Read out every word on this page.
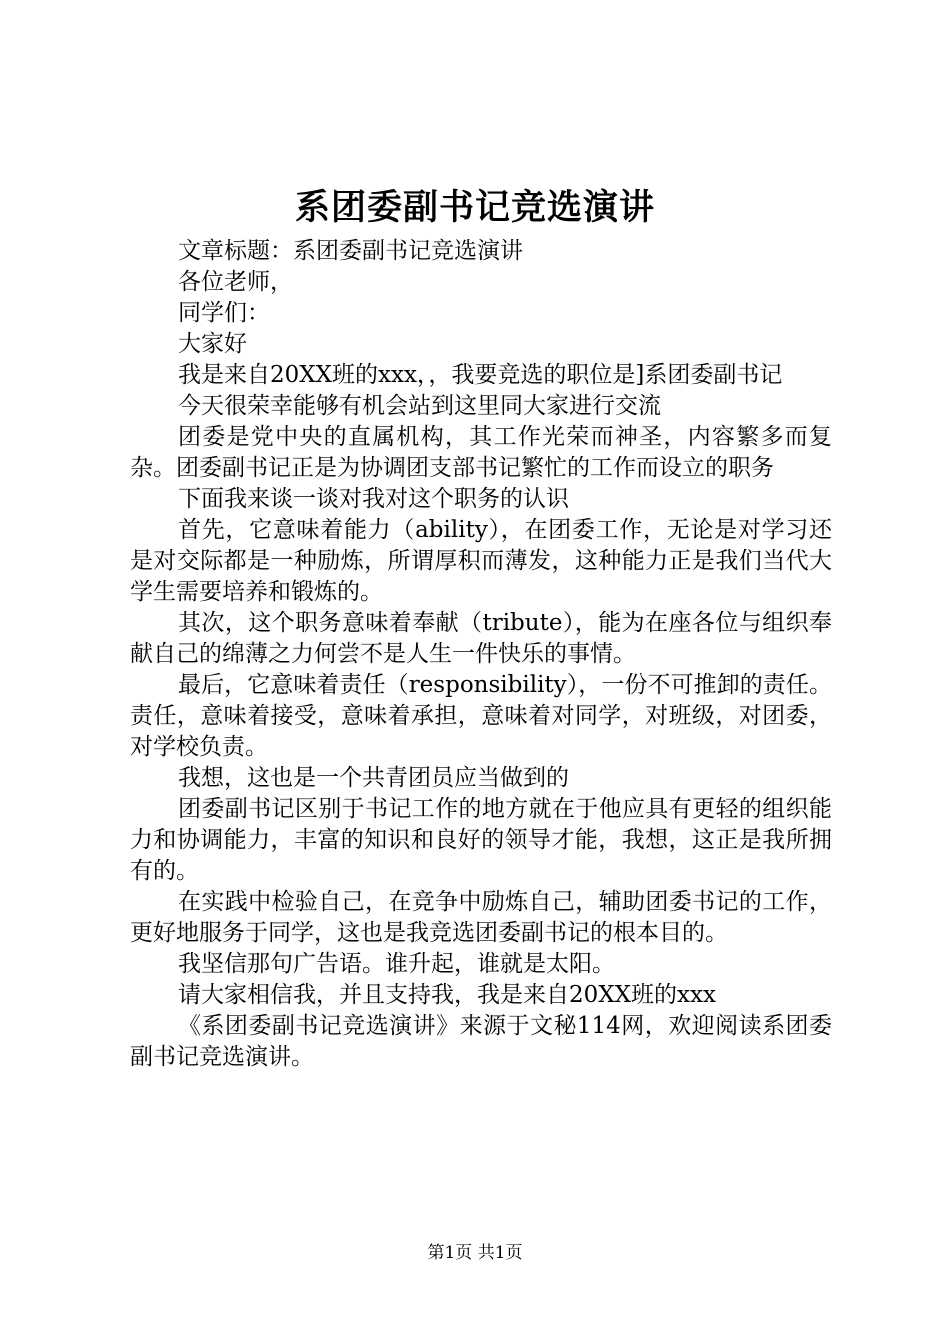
系团委副书记竞选演讲

文章标题：系团委副书记竞选演讲

各位老师，

同学们：

大家好

我是来自20XX班的xxx，，我要竞选的职位是]系团委副书记

今天很荣幸能够有机会站到这里同大家进行交流

团委是党中央的直属机构，其工作光荣而神圣，内容繁多而复杂。团委副书记正是为协调团支部书记繁忙的工作而设立的职务

下面我来谈一谈对我对这个职务的认识

首先，它意味着能力（ability），在团委工作，无论是对学习还是对交际都是一种励炼，所谓厚积而薄发，这种能力正是我们当代大学生需要培养和锻炼的。

其次，这个职务意味着奉献（tribute），能为在座各位与组织奉献自己的绵薄之力何尝不是人生一件快乐的事情。

最后，它意味着责任（responsibility），一份不可推卸的责任。责任，意味着接受，意味着承担，意味着对同学，对班级，对团委，对学校负责。

我想，这也是一个共青团员应当做到的

团委副书记区别于书记工作的地方就在于他应具有更轻的组织能力和协调能力，丰富的知识和良好的领导才能，我想，这正是我所拥有的。

在实践中检验自己，在竞争中励炼自己，辅助团委书记的工作，更好地服务于同学，这也是我竞选团委副书记的根本目的。

我坚信那句广告语。谁升起，谁就是太阳。

请大家相信我，并且支持我，我是来自20XX班的xxx

《系团委副书记竞选演讲》来源于文秘114网，欢迎阅读系团委副书记竞选演讲。

第1页 共1页
